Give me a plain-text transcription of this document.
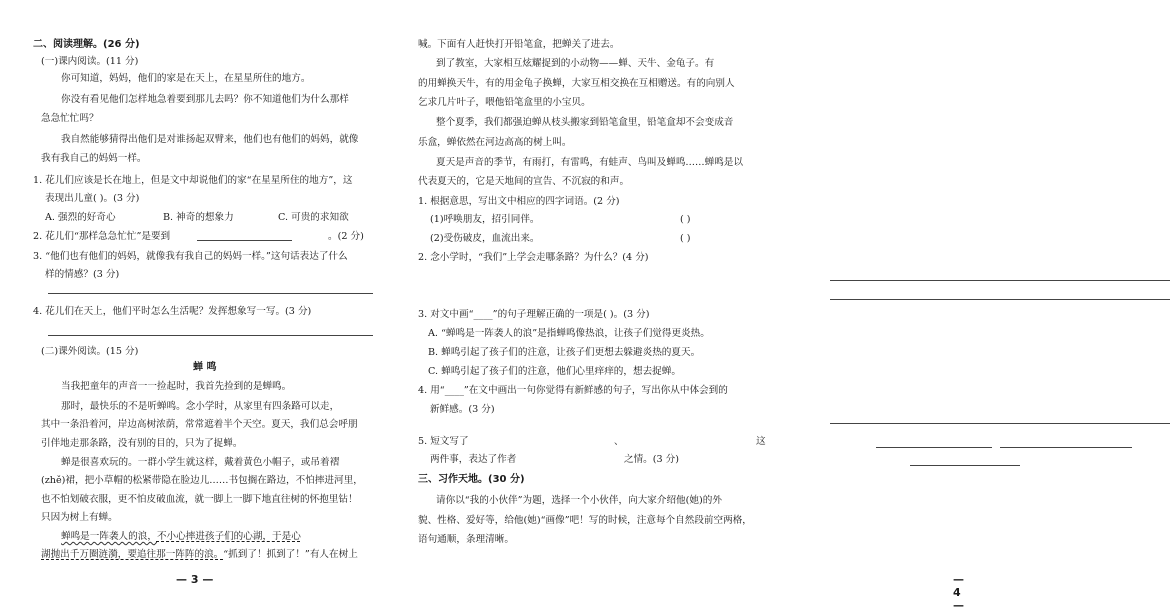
二、阅读理解。(26 分)
(一)课内阅读。(11 分)
你可知道，妈妈，他们的家是在天上，在星星所住的地方。
你没有看见他们怎样地急着要到那儿去吗？你不知道他们为什么那样
急急忙忙吗？
我自然能够猜得出他们是对谁扬起双臂来，他们也有他们的妈妈，就像
我有我自己的妈妈一样。
1. 花儿们应该是长在地上，但是文中却说他们的家“在星星所住的地方”，这
表现出儿童( )。(3 分)
A. 强烈的好奇心	B. 神奇的想象力	C. 可贵的求知欲
2. 花儿们“那样急急忙忙”是要到	。(2 分)
3. “他们也有他们的妈妈，就像我有我自己的妈妈一样。”这句话表达了什么
样的情感？(3 分)
4. 花儿们在天上，他们平时怎么生活呢？发挥想象写一写。(3 分)
(二)课外阅读。(15 分)
蝉 鸣
当我把童年的声音一一捡起时，我首先捡到的是蝉鸣。
那时，最快乐的不是听蝉鸣。念小学时，从家里有四条路可以走，
其中一条沿着河，岸边高树浓荫，常常遮着半个天空。夏天，我们总会呼朋
引伴地走那条路，没有别的目的，只为了捉蝉。
蝉是很喜欢玩的。一群小学生就这样，戴着黄色小帽子，或吊着褶
(zhě)裙，把小草帽的松紧带隐在脸边儿……书包搁在路边，不怕摔进河里，
也不怕划破衣服，更不怕皮破血流，就一脚上一脚下地直往树的怀抱里钻！
只因为树上有蝉。
蝉鸣是一阵袭人的浪，不小心摔进孩子们的心湖，于是心
湖抛出千万圈涟漪，要追往那一阵阵的浪。“抓到了！抓到了！”有人在树上
— 3 —
喊。下面有人赶快打开铅笔盒，把蝉关了进去。
到了教室，大家相互炫耀捉到的小动物——蝉、天牛、金龟子。有
的用蝉换天牛，有的用金龟子换蝉，大家互相交换在互相赠送。有的向别人
乞求几片叶子，喂他铅笔盒里的小宝贝。
整个夏季，我们都强迫蝉从枝头搬家到铅笔盒里，铅笔盒却不会变成音
乐盒，蝉依然在河边高高的树上叫。
夏天是声音的季节，有雨打，有雷鸣，有蛙声、鸟叫及蝉鸣……蝉鸣是以
代表夏天的，它是天地间的宣告、不沉寂的和声。
1. 根据意思，写出文中相应的四字词语。(2 分)
(1)呼唤朋友，招引同伴。	( )
(2)受伤破皮，血流出来。	( )
2. 念小学时，“我们”上学会走哪条路？为什么？(4 分)
3. 对文中画“____”的句子理解正确的一项是( )。(3 分)
A. “蝉鸣是一阵袭人的浪”是指蝉鸣像热浪，让孩子们觉得更炎热。
B. 蝉鸣引起了孩子们的注意，让孩子们更想去躲避炎热的夏天。
C. 蝉鸣引起了孩子们的注意，他们心里痒痒的，想去捉蝉。
4. 用“____”在文中画出一句你觉得有新鲜感的句子，写出你从中体会到的
新鲜感。(3 分)
5. 短文写了	、	这
两件事，表达了作者	之情。(3 分)
三、习作天地。(30 分)
请你以“我的小伙伴”为题，选择一个小伙伴，向大家介绍他(她)的外
貌、性格、爱好等，给他(她)“画像”吧！写的时候，注意每个自然段前空两格，
语句通顺，条理清晰。
— 4 —
